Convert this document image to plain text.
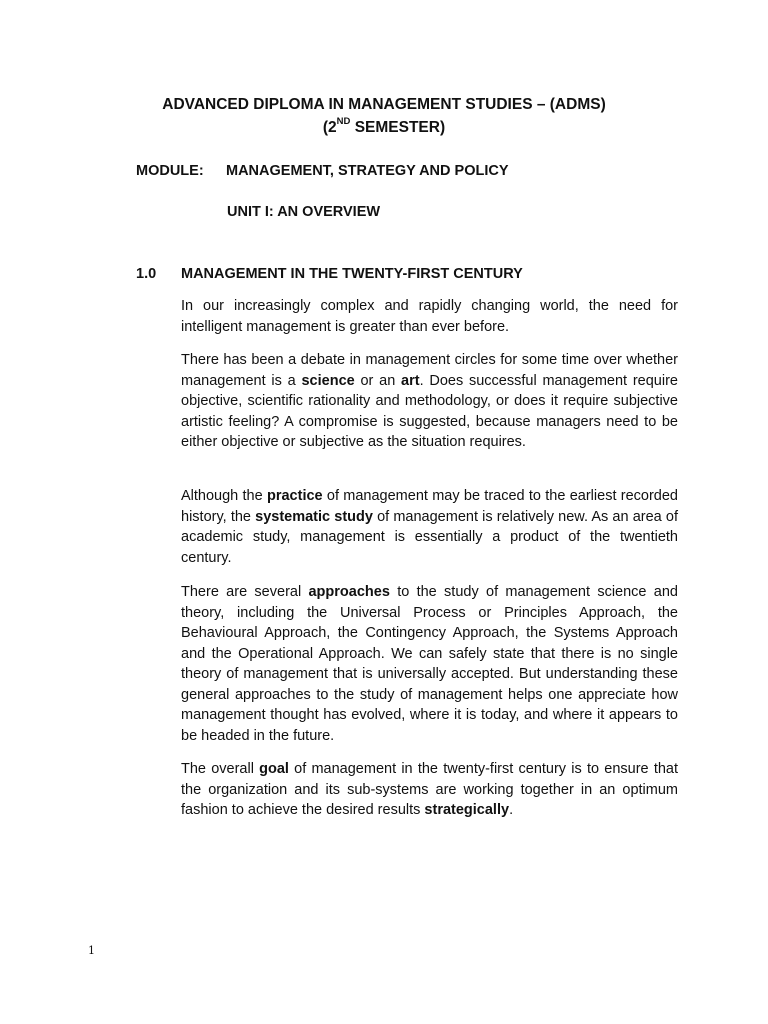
ADVANCED DIPLOMA IN MANAGEMENT STUDIES – (ADMS)
(2ND SEMESTER)
MODULE: MANAGEMENT, STRATEGY AND POLICY
UNIT I: AN OVERVIEW
1.0 MANAGEMENT IN THE TWENTY-FIRST CENTURY

In our increasingly complex and rapidly changing world, the need for intelligent management is greater than ever before.

There has been a debate in management circles for some time over whether management is a science or an art. Does successful management require objective, scientific rationality and methodology, or does it require subjective artistic feeling? A compromise is suggested, because managers need to be either objective or subjective as the situation requires.

Although the practice of management may be traced to the earliest recorded history, the systematic study of management is relatively new. As an area of academic study, management is essentially a product of the twentieth century.

There are several approaches to the study of management science and theory, including the Universal Process or Principles Approach, the Behavioural Approach, the Contingency Approach, the Systems Approach and the Operational Approach. We can safely state that there is no single theory of management that is universally accepted. But understanding these general approaches to the study of management helps one appreciate how management thought has evolved, where it is today, and where it appears to be headed in the future.

The overall goal of management in the twenty-first century is to ensure that the organization and its sub-systems are working together in an optimum fashion to achieve the desired results strategically.

1
